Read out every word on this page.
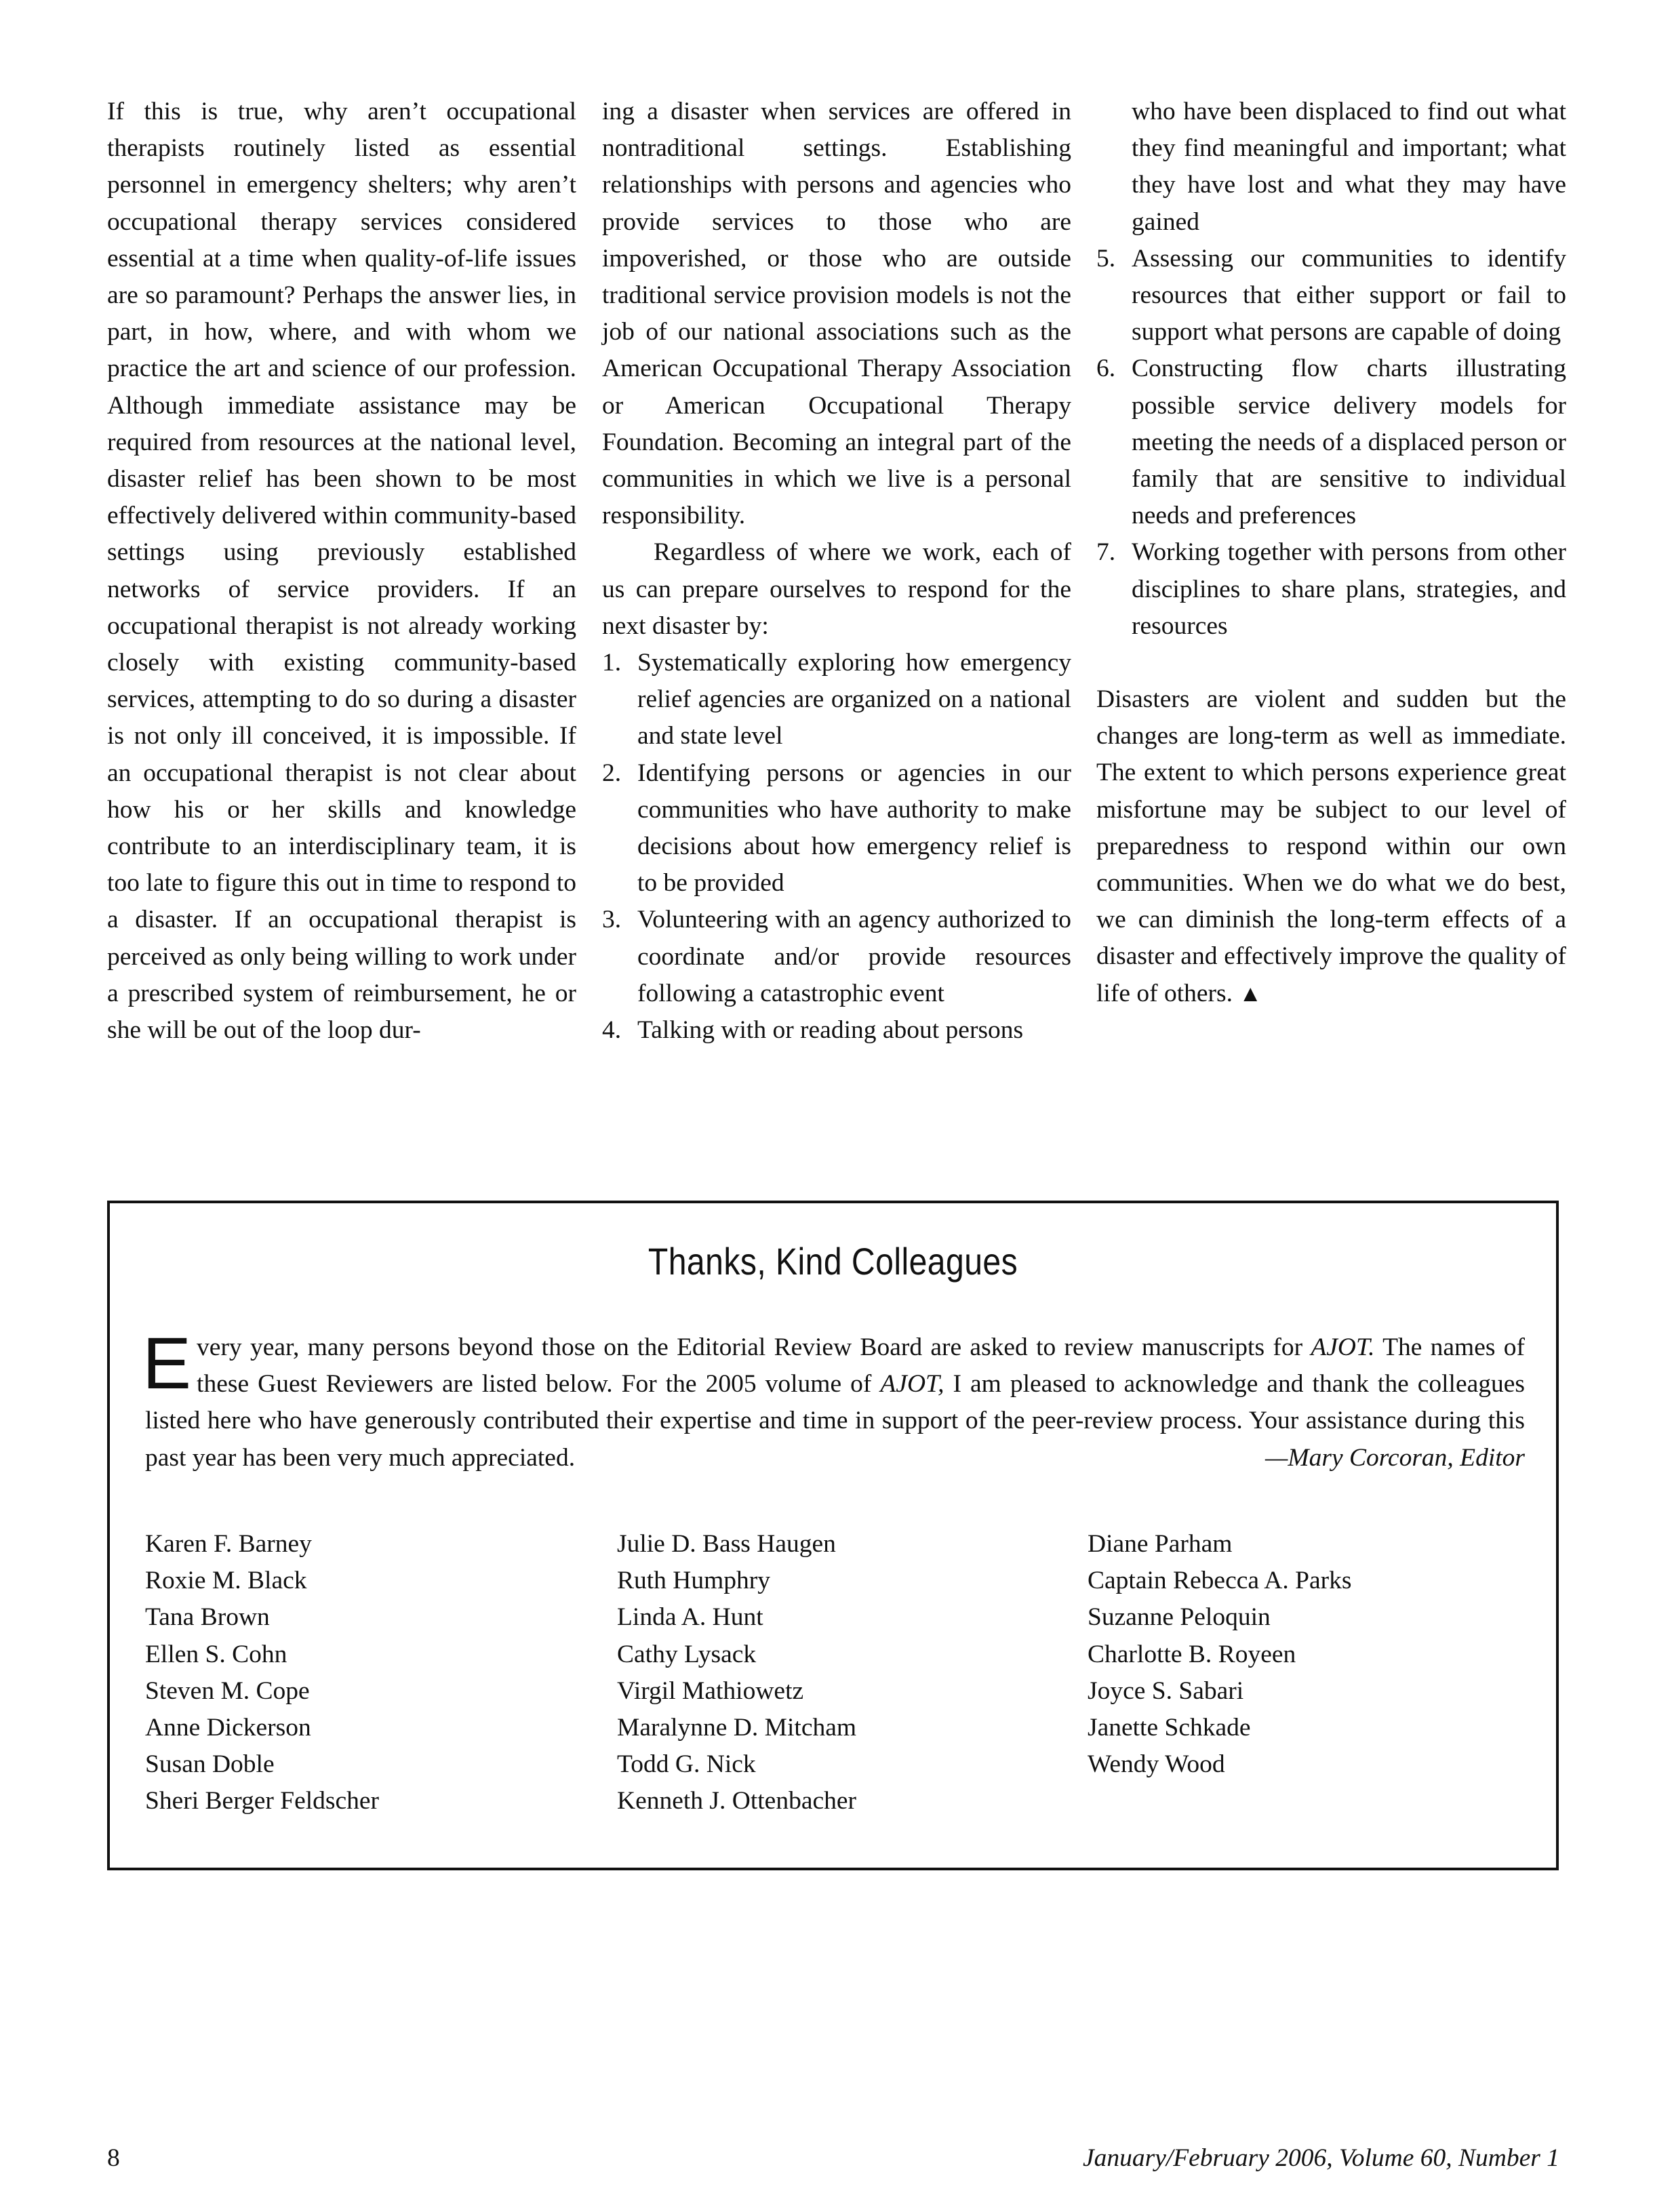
If this is true, why aren’t occupational therapists routinely listed as essential personnel in emergency shelters; why aren’t occupational therapy services considered essential at a time when quality-of-life issues are so paramount? Perhaps the answer lies, in part, in how, where, and with whom we practice the art and science of our profession. Although immediate assistance may be required from resources at the national level, disaster relief has been shown to be most effectively delivered within community-based settings using previously established networks of service providers. If an occupational therapist is not already working closely with existing community-based services, attempting to do so during a disaster is not only ill conceived, it is impossible. If an occupational therapist is not clear about how his or her skills and knowledge contribute to an interdisciplinary team, it is too late to figure this out in time to respond to a disaster. If an occupational therapist is perceived as only being willing to work under a prescribed system of reimbursement, he or she will be out of the loop dur-

ing a disaster when services are offered in nontraditional settings. Establishing relationships with persons and agencies who provide services to those who are impoverished, or those who are outside traditional service provision models is not the job of our national associations such as the American Occupational Therapy Association or American Occupational Therapy Foundation. Becoming an integral part of the communities in which we live is a personal responsibility.

Regardless of where we work, each of us can prepare ourselves to respond for the next disaster by:

1. Systematically exploring how emergency relief agencies are organized on a national and state level
2. Identifying persons or agencies in our communities who have authority to make decisions about how emergency relief is to be provided
3. Volunteering with an agency authorized to coordinate and/or provide resources following a catastrophic event
4. Talking with or reading about persons
who have been displaced to find out what they find meaningful and important; what they have lost and what they may have gained
5. Assessing our communities to identify resources that either support or fail to support what persons are capable of doing
6. Constructing flow charts illustrating possible service delivery models for meeting the needs of a displaced person or family that are sensitive to individual needs and preferences
7. Working together with persons from other disciplines to share plans, strategies, and resources

Disasters are violent and sudden but the changes are long-term as well as immediate. The extent to which persons experience great misfortune may be subject to our level of preparedness to respond within our own communities. When we do what we do best, we can diminish the long-term effects of a disaster and effectively improve the quality of life of others. ▲

Thanks, Kind Colleagues
Every year, many persons beyond those on the Editorial Review Board are asked to review manuscripts for AJOT. The names of these Guest Reviewers are listed below. For the 2005 volume of AJOT, I am pleased to acknowledge and thank the colleagues listed here who have generously contributed their expertise and time in support of the peer-review process. Your assistance during this past year has been very much appreciated.	—Mary Corcoran, Editor
Karen F. Barney
Roxie M. Black
Tana Brown
Ellen S. Cohn
Steven M. Cope
Anne Dickerson
Susan Doble
Sheri Berger Feldscher
Julie D. Bass Haugen
Ruth Humphry
Linda A. Hunt
Cathy Lysack
Virgil Mathiowetz
Maralynne D. Mitcham
Todd G. Nick
Kenneth J. Ottenbacher
Diane Parham
Captain Rebecca A. Parks
Suzanne Peloquin
Charlotte B. Royeen
Joyce S. Sabari
Janette Schkade
Wendy Wood
8	January/February 2006, Volume 60, Number 1
